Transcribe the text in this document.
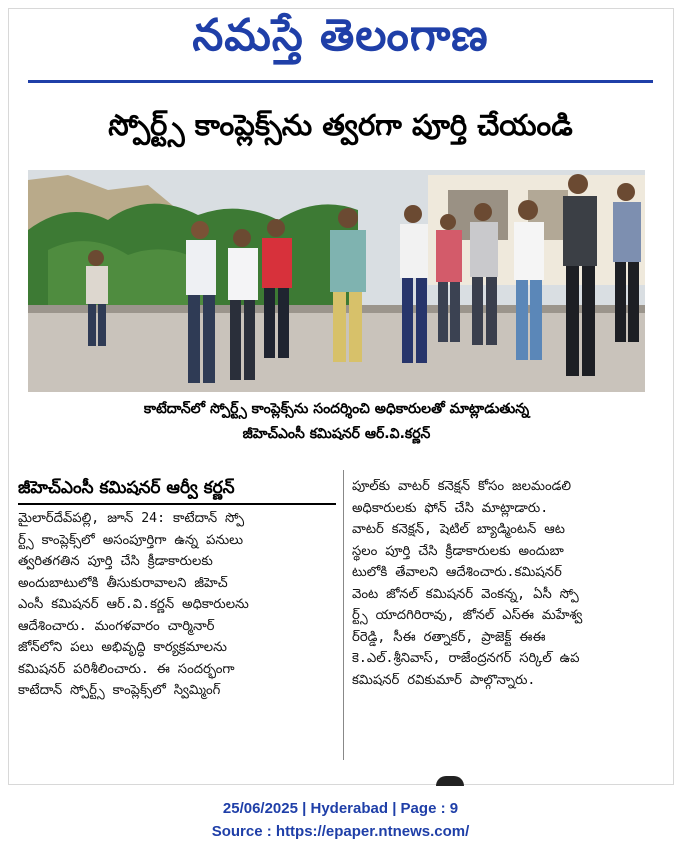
నమస్తే తెలంగాణ
స్పోర్ట్స్ కాంప్లెక్స్‌ను త్వరగా పూర్తి చేయండి
కాటేదాన్‌లో స్పోర్ట్స్ కాంప్లెక్స్‌ను సందర్శించి అధికారులతో మాట్లాడుతున్న
జీహెచ్‌ఎంసీ కమిషనర్ ఆర్.వి.కర్ణన్
జీహెచ్ఎంసీ కమిషనర్ ఆర్వీ కర్ణన్
మైలార్‌దేవ్‌పల్లి, జూన్ 24: కాటేదాన్ స్పో
ర్ట్స్ కాంప్లెక్స్‌లో అసంపూర్తిగా ఉన్న పనులు
త్వరితగతిన పూర్తి చేసి క్రీడాకారులకు
అందుబాటులోకి తీసుకురావాలని జీహెచ్
ఎంసీ కమిషనర్ ఆర్.వి.కర్ణన్ అధికారులను
ఆదేశించారు. మంగళవారం చార్మినార్
జోన్‌లోని పలు అభివృద్ధి కార్యక్రమాలను
కమిషనర్ పరిశీలించారు. ఈ సందర్భంగా
కాటేదాన్ స్పోర్ట్స్ కాంప్లెక్స్‌లో స్విమ్మింగ్
పూల్‌కు వాటర్ కనెక్షన్ కోసం జలమండలి
అధికారులకు ఫోన్ చేసి మాట్లాడారు.
వాటర్ కనెక్షన్, షెటిల్ బ్యాడ్మింటన్ ఆట
స్థలం పూర్తి చేసి క్రీడాకారులకు అందుబా
టులోకి తేవాలని ఆదేశించారు.కమిషనర్
వెంట జోనల్ కమిషనర్ వెంకన్న, ఏసీ స్పో
ర్ట్స్ యాదగిరిరావు, జోనల్ ఎస్ఈ మహేశ్వ
ర్‌రెడ్డి, సీఈ రత్నాకర్, ప్రాజెక్ట్ ఈఈ
కె.ఎల్.శ్రీనివాస్, రాజేంద్రనగర్ సర్కిల్ ఉప
కమిషనర్ రవికుమార్ పాల్గొన్నారు.
25/06/2025 | Hyderabad | Page : 9
Source : https://epaper.ntnews.com/
